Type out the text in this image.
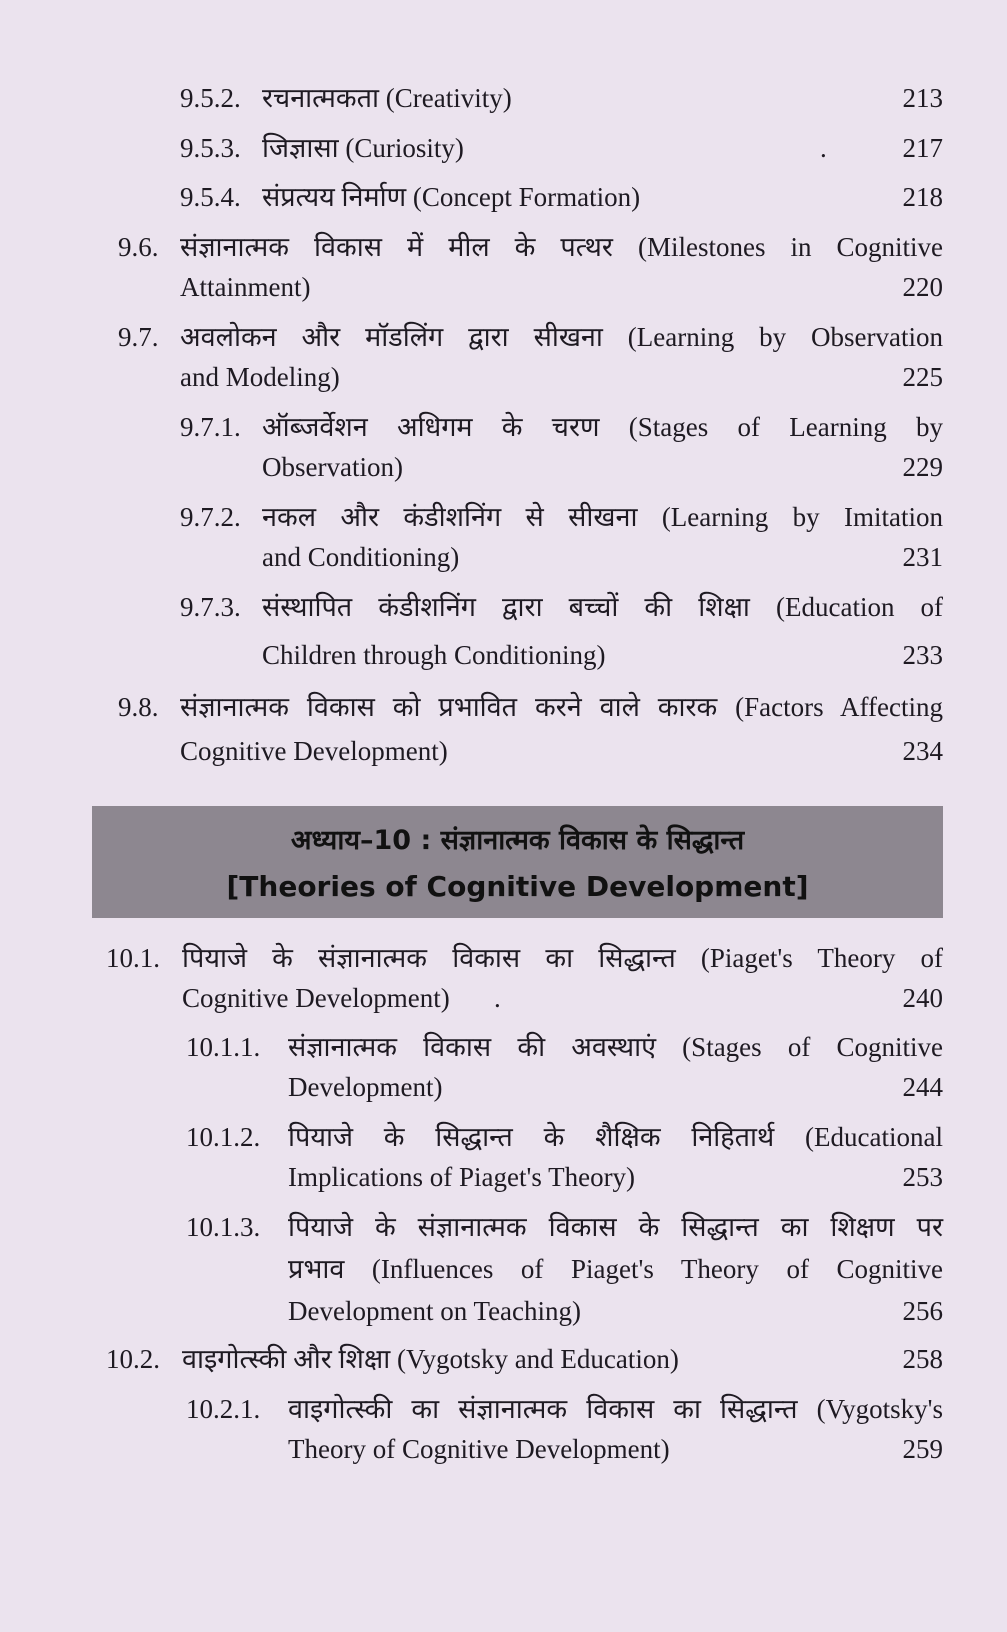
9.5.2. रचनात्मकता (Creativity)	213
9.5.3. जिज्ञासा (Curiosity)	.	217
9.5.4. संप्रत्यय निर्माण (Concept Formation)	218
9.6. संज्ञानात्मक विकास में मील के पत्थर (Milestones in Cognitive
Attainment)	220
9.7. अवलोकन और मॉडलिंग द्वारा सीखना (Learning by Observation
and Modeling)	225
9.7.1. ऑब्जर्वेशन अधिगम के चरण (Stages of Learning by
Observation)	229
9.7.2. नकल और कंडीशनिंग से सीखना (Learning by Imitation
and Conditioning)	231
9.7.3. संस्थापित कंडीशनिंग द्वारा बच्चों की शिक्षा (Education of
Children through Conditioning)	233
9.8. संज्ञानात्मक विकास को प्रभावित करने वाले कारक (Factors Affecting
Cognitive Development)	234
अध्याय–10 : संज्ञानात्मक विकास के सिद्धान्त
[Theories of Cognitive Development]
10.1. पियाजे के संज्ञानात्मक विकास का सिद्धान्त (Piaget's Theory of
Cognitive Development) .	240
10.1.1. संज्ञानात्मक विकास की अवस्थाएं (Stages of Cognitive
Development)	244
10.1.2. पियाजे के सिद्धान्त के शैक्षिक निहितार्थ (Educational
Implications of Piaget's Theory)	253
10.1.3. पियाजे के संज्ञानात्मक विकास के सिद्धान्त का शिक्षण पर
प्रभाव (Influences of Piaget's Theory of Cognitive
Development on Teaching)	256
10.2. वाइगोत्स्की और शिक्षा (Vygotsky and Education)	258
10.2.1. वाइगोत्स्की का संज्ञानात्मक विकास का सिद्धान्त (Vygotsky's
Theory of Cognitive Development)	259
